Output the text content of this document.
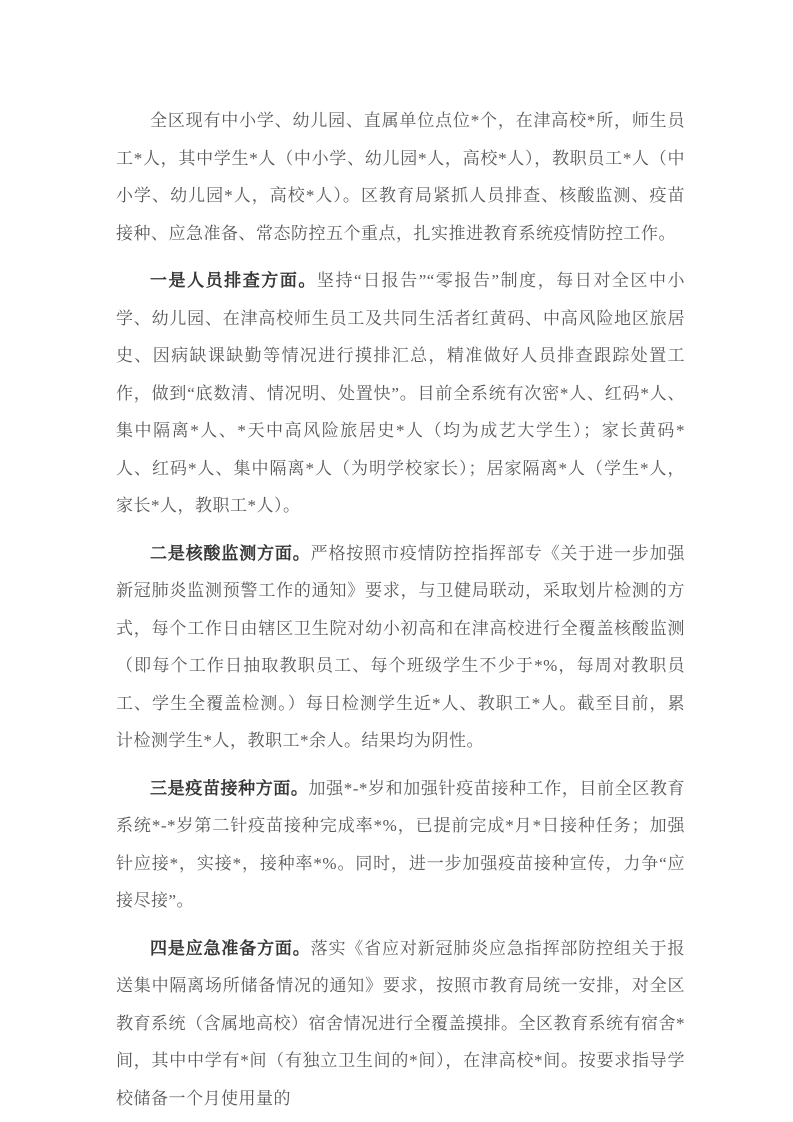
全区现有中小学、幼儿园、直属单位点位*个，在津高校*所，师生员工*人，其中学生*人（中小学、幼儿园*人，高校*人），教职员工*人（中小学、幼儿园*人，高校*人）。区教育局紧抓人员排查、核酸监测、疫苗接种、应急准备、常态防控五个重点，扎实推进教育系统疫情防控工作。

一是人员排查方面。坚持“日报告”“零报告”制度，每日对全区中小学、幼儿园、在津高校师生员工及共同生活者红黄码、中高风险地区旅居史、因病缺课缺勤等情况进行摸排汇总，精准做好人员排查跟踪处置工作，做到“底数清、情况明、处置快”。目前全系统有次密*人、红码*人、集中隔离*人、*天中高风险旅居史*人（均为成艺大学生）；家长黄码*人、红码*人、集中隔离*人（为明学校家长）；居家隔离*人（学生*人，家长*人，教职工*人）。

二是核酸监测方面。严格按照市疫情防控指挥部专《关于进一步加强新冠肺炎监测预警工作的通知》要求，与卫健局联动，采取划片检测的方式，每个工作日由辖区卫生院对幼小初高和在津高校进行全覆盖核酸监测（即每个工作日抽取教职员工、每个班级学生不少于*%，每周对教职员工、学生全覆盖检测。）每日检测学生近*人、教职工*人。截至目前，累计检测学生*人，教职工*余人。结果均为阴性。

三是疫苗接种方面。加强*-*岁和加强针疫苗接种工作，目前全区教育系统*-*岁第二针疫苗接种完成率*%，已提前完成*月*日接种任务；加强针应接*，实接*，接种率*%。同时，进一步加强疫苗接种宣传，力争“应接尽接”。

四是应急准备方面。落实《省应对新冠肺炎应急指挥部防控组关于报送集中隔离场所储备情况的通知》要求，按照市教育局统一安排，对全区教育系统（含属地高校）宿舍情况进行全覆盖摸排。全区教育系统有宿舍*间，其中中学有*间（有独立卫生间的*间），在津高校*间。按要求指导学校储备一个月使用量的
